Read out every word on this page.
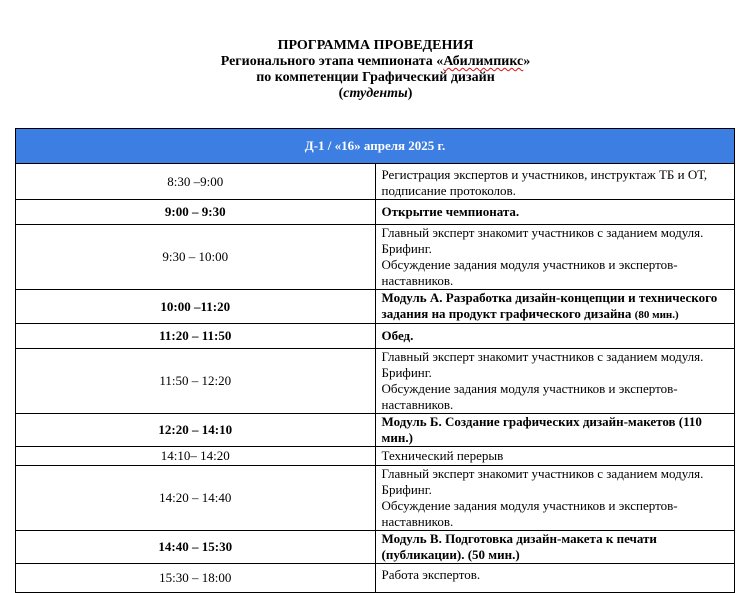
ПРОГРАММА ПРОВЕДЕНИЯ
Регионального этапа чемпионата «Абилимпикс»
по компетенции Графический дизайн
(студенты)
Д-1 / «16» апреля 2025 г.	
8:30 –9:00	Регистрация экспертов и участников, инструктаж ТБ и ОТ, подписание протоколов.
9:00 – 9:30	Открытие чемпионата.
9:30 – 10:00	Главный эксперт знакомит участников с заданием модуля. Брифинг.
Обсуждение задания модуля участников и экспертов-наставников.

10:00 –11:20	Модуль А. Разработка дизайн-концепции и технического задания на продукт графического дизайна (80 мин.)
11:20 – 11:50	Обед.
11:50 – 12:20	Главный эксперт знакомит участников с заданием модуля. Брифинг.
Обсуждение задания модуля участников и экспертов-наставников.

12:20 – 14:10	Модуль Б. Создание графических дизайн-макетов (110 мин.)
14:10– 14:20	Технический перерыв
14:20 – 14:40	Главный эксперт знакомит участников с заданием модуля. Брифинг.
Обсуждение задания модуля участников и экспертов-наставников.

14:40 – 15:30	Модуль В. Подготовка дизайн-макета к печати (публикации). (50 мин.)
15:30 – 18:00	Работа экспертов.
